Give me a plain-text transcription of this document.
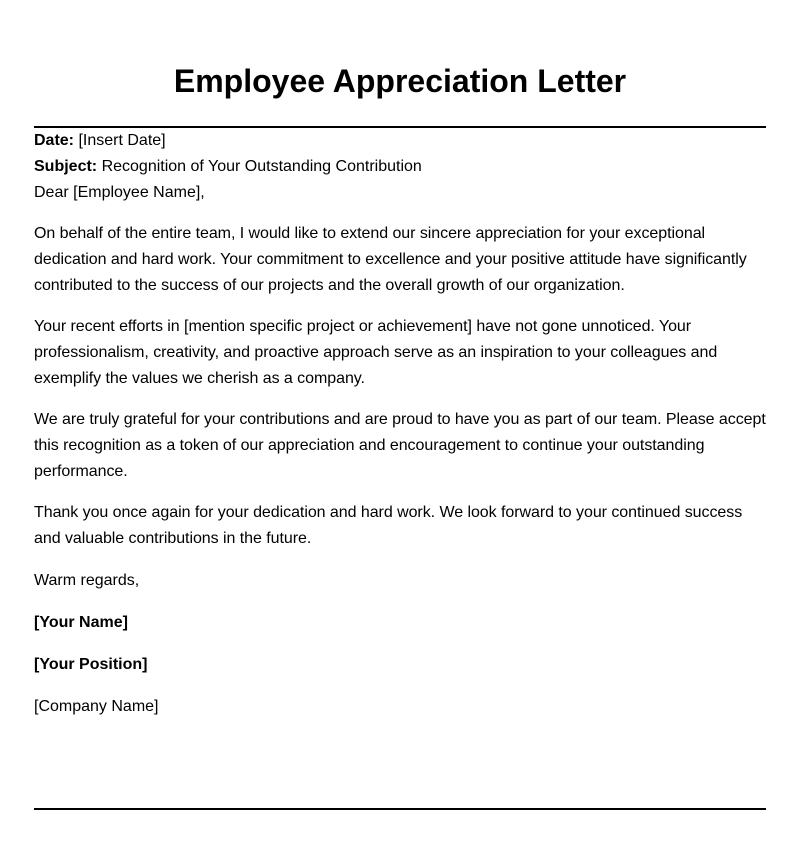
Employee Appreciation Letter

Date: [Insert Date]

Subject: Recognition of Your Outstanding Contribution

Dear [Employee Name],

On behalf of the entire team, I would like to extend our sincere appreciation for your exceptional dedication and hard work. Your commitment to excellence and your positive attitude have significantly contributed to the success of our projects and the overall growth of our organization.

Your recent efforts in [mention specific project or achievement] have not gone unnoticed. Your professionalism, creativity, and proactive approach serve as an inspiration to your colleagues and exemplify the values we cherish as a company.

We are truly grateful for your contributions and are proud to have you as part of our team. Please accept this recognition as a token of our appreciation and encouragement to continue your outstanding performance.

Thank you once again for your dedication and hard work. We look forward to your continued success and valuable contributions in the future.

Warm regards,

[Your Name]

[Your Position]

[Company Name]
